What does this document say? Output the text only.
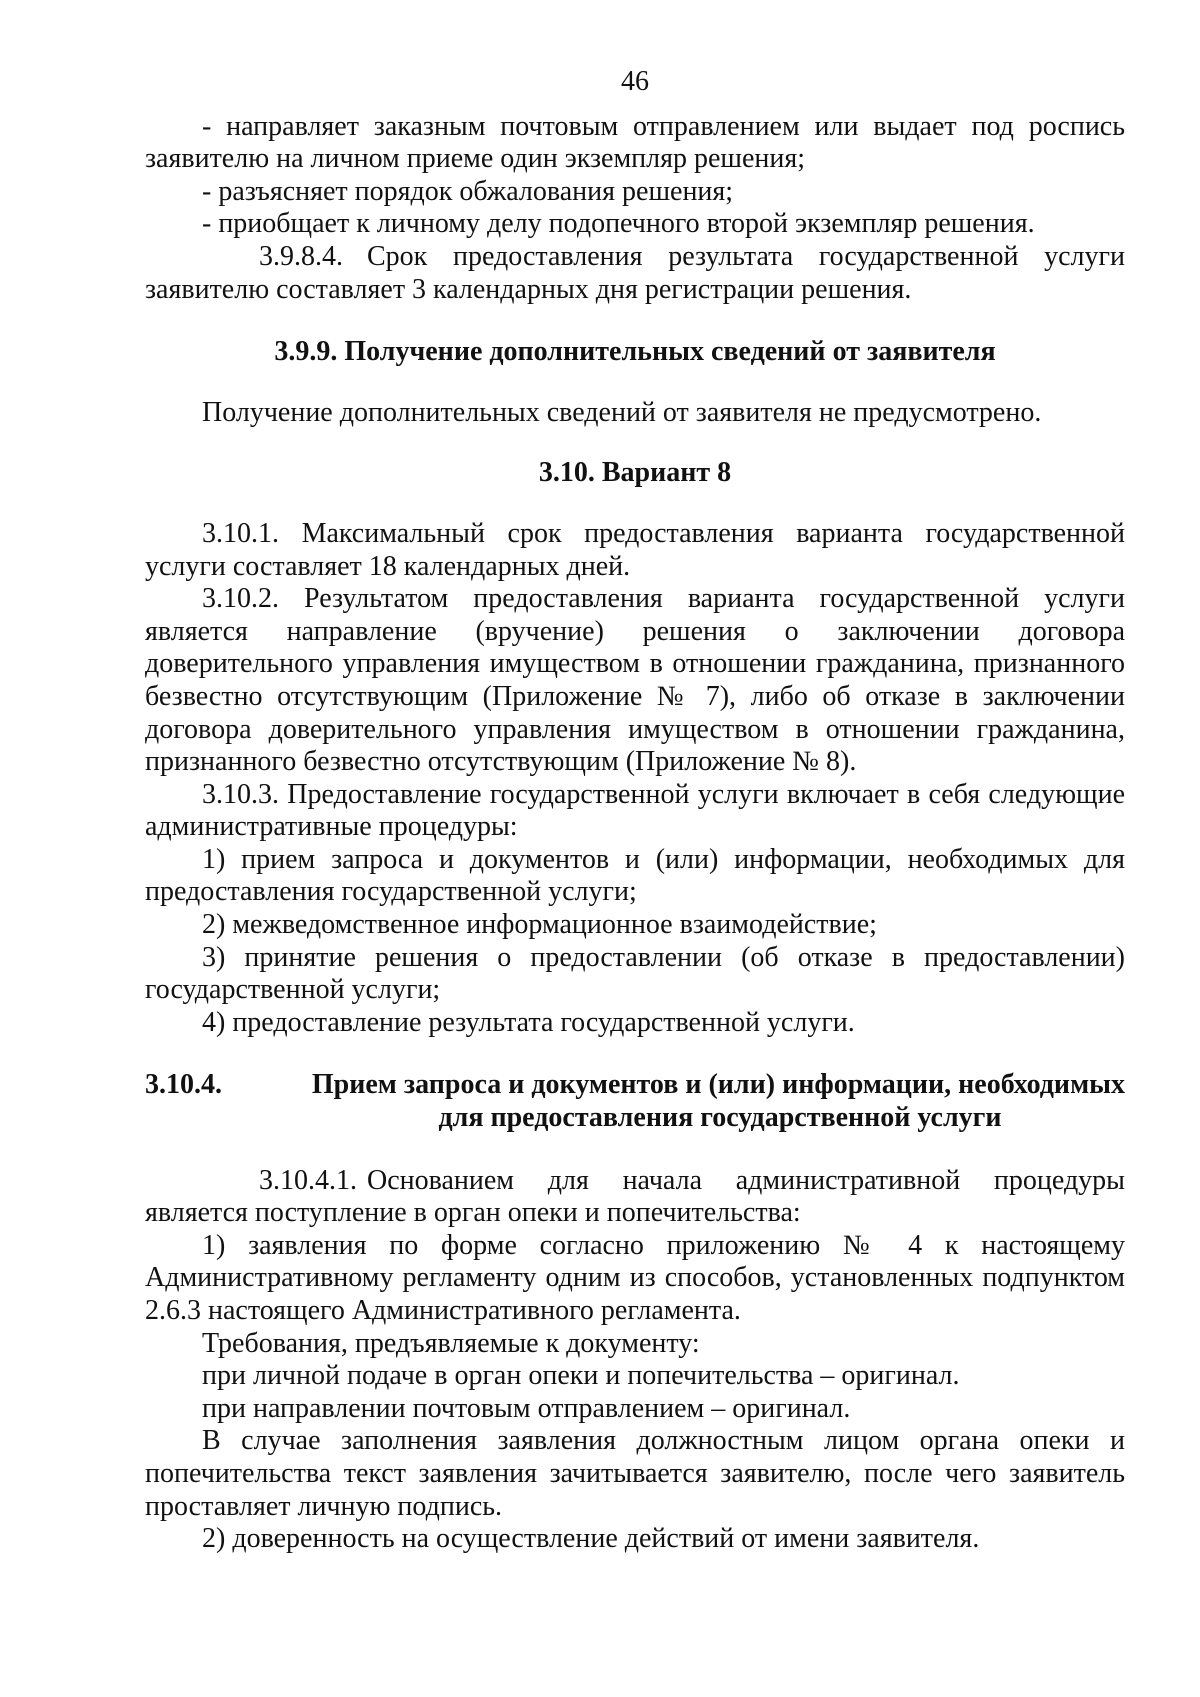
46

- направляет заказным почтовым отправлением или выдает под роспись заявителю на личном приеме один экземпляр решения;

- разъясняет порядок обжалования решения;

- приобщает к личному делу подопечного второй экземпляр решения.

3.9.8.4. Срок предоставления результата государственной услуги заявителю составляет 3 календарных дня регистрации решения.

3.9.9. Получение дополнительных сведений от заявителя

Получение дополнительных сведений от заявителя не предусмотрено.

3.10. Вариант 8

3.10.1. Максимальный срок предоставления варианта государственной услуги составляет 18 календарных дней.

3.10.2. Результатом предоставления варианта государственной услуги является направление (вручение) решения о заключении договора доверительного управления имуществом в отношении гражданина, признанного безвестно отсутствующим (Приложение № 7), либо об отказе в заключении договора доверительного управления имуществом в отношении гражданина, признанного безвестно отсутствующим (Приложение № 8).

3.10.3. Предоставление государственной услуги включает в себя следующие административные процедуры:

1) прием запроса и документов и (или) информации, необходимых для предоставления государственной услуги;

2) межведомственное информационное взаимодействие;

3) принятие решения о предоставлении (об отказе в предоставлении) государственной услуги;

4) предоставление результата государственной услуги.

3.10.4.	Прием запроса и документов и (или) информации, необходимых
для предоставления государственной услуги

3.10.4.1. Основанием для начала административной процедуры является поступление в орган опеки и попечительства:

1) заявления по форме согласно приложению № 4 к настоящему Административному регламенту одним из способов, установленных подпунктом 2.6.3 настоящего Административного регламента.

Требования, предъявляемые к документу:

при личной подаче в орган опеки и попечительства – оригинал.

при направлении почтовым отправлением – оригинал.

В случае заполнения заявления должностным лицом органа опеки и попечительства текст заявления зачитывается заявителю, после чего заявитель проставляет личную подпись.

2) доверенность на осуществление действий от имени заявителя.
